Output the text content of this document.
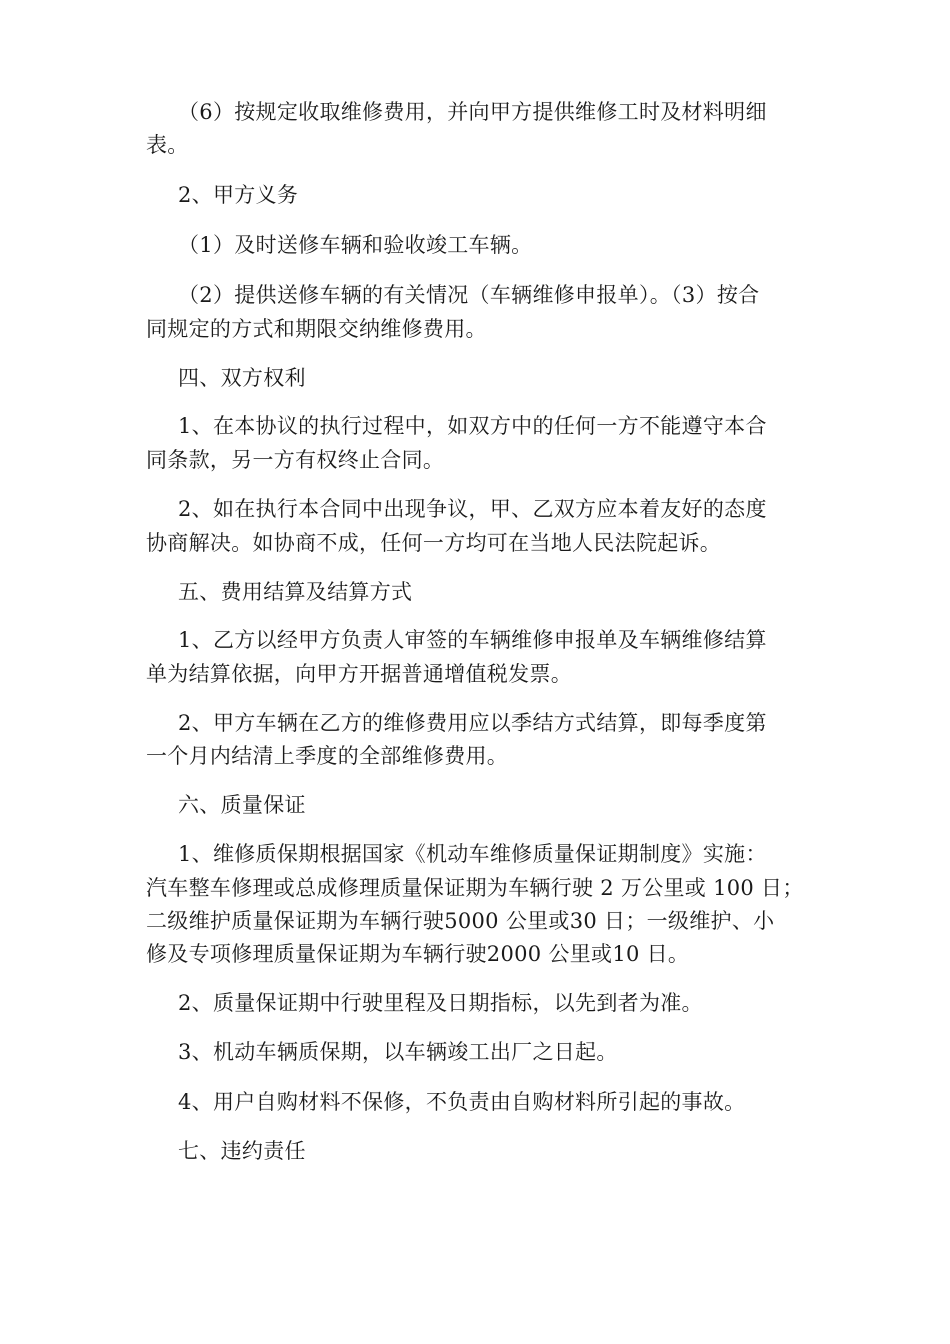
（6）按规定收取维修费用，并向甲方提供维修工时及材料明细
表。
2、甲方义务
（1）及时送修车辆和验收竣工车辆。
（2）提供送修车辆的有关情况（车辆维修申报单）。（3）按合
同规定的方式和期限交纳维修费用。
四、双方权利
1、在本协议的执行过程中，如双方中的任何一方不能遵守本合
同条款，另一方有权终止合同。
2、如在执行本合同中出现争议，甲、乙双方应本着友好的态度
协商解决。如协商不成，任何一方均可在当地人民法院起诉。
五、费用结算及结算方式
1、乙方以经甲方负责人审签的车辆维修申报单及车辆维修结算
单为结算依据，向甲方开据普通增值税发票。
2、甲方车辆在乙方的维修费用应以季结方式结算，即每季度第
一个月内结清上季度的全部维修费用。
六、质量保证
1、维修质保期根据国家《机动车维修质量保证期制度》实施：
汽车整车修理或总成修理质量保证期为车辆行驶 2 万公里或 100 日；
二级维护质量保证期为车辆行驶5000 公里或30 日；一级维护、小
修及专项修理质量保证期为车辆行驶2000 公里或10 日。
2、质量保证期中行驶里程及日期指标，以先到者为准。
3、机动车辆质保期，以车辆竣工出厂之日起。
4、用户自购材料不保修，不负责由自购材料所引起的事故。
七、违约责任
